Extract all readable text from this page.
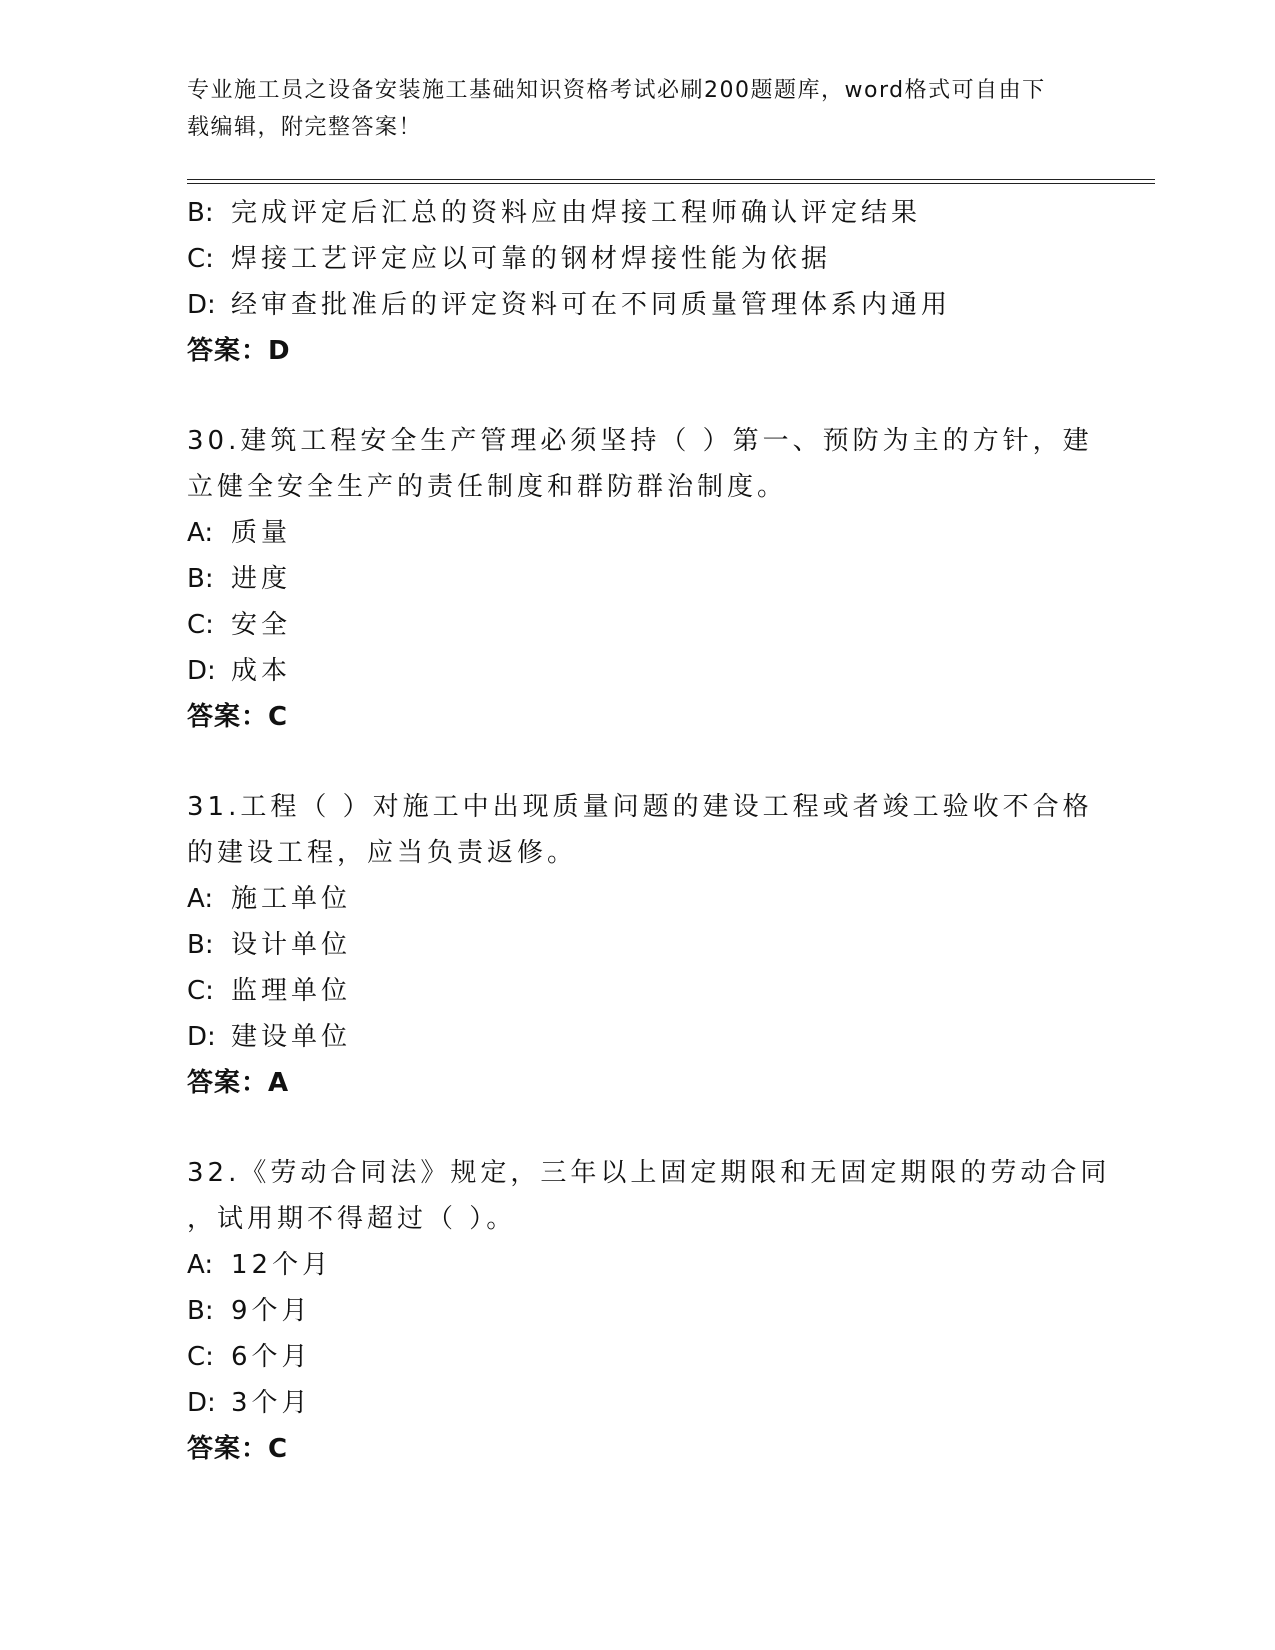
专业施工员之设备安装施工基础知识资格考试必刷200题题库，word格式可自由下载编辑，附完整答案！
B: 完成评定后汇总的资料应由焊接工程师确认评定结果
C: 焊接工艺评定应以可靠的钢材焊接性能为依据
D: 经审查批准后的评定资料可在不同质量管理体系内通用
答案：D
30.建筑工程安全生产管理必须坚持（ ）第一、预防为主的方针，建
立健全安全生产的责任制度和群防群治制度。
A: 质量
B: 进度
C: 安全
D: 成本
答案：C
31.工程（ ）对施工中出现质量问题的建设工程或者竣工验收不合格
的建设工程，应当负责返修。
A: 施工单位
B: 设计单位
C: 监理单位
D: 建设单位
答案：A
32.《劳动合同法》规定，三年以上固定期限和无固定期限的劳动合同
，试用期不得超过（ ）。
A: 12个月
B: 9个月
C: 6个月
D: 3个月
答案：C
